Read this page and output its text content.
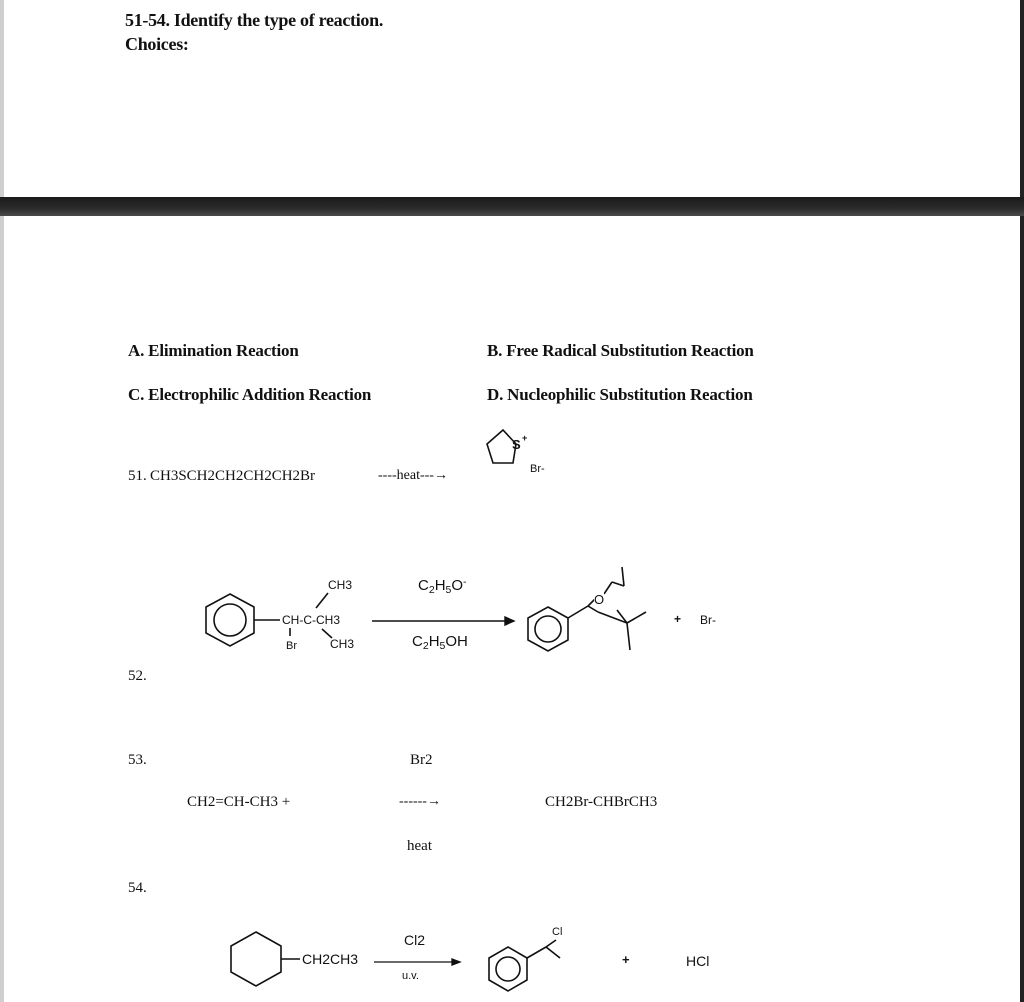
51-54. Identify the type of reaction.
Choices:
A. Elimination Reaction	B. Free Radical Substitution Reaction
C. Electrophilic Addition Reaction	D. Nucleophilic Substitution Reaction
51. CH3SCH2CH2CH2CH2Br	----heat---→
S +
Br-
CH3
CH-C-CH3
Br	CH3
$C_2H_5O^-$
$C_2H_5OH$
O
+ Br-
52.
53.	Br2
CH2=CH-CH3 +	------→	CH2Br-CHBrCH3
heat
54.
CH2CH3
Cl2
u.v.
Cl
+	HCl
